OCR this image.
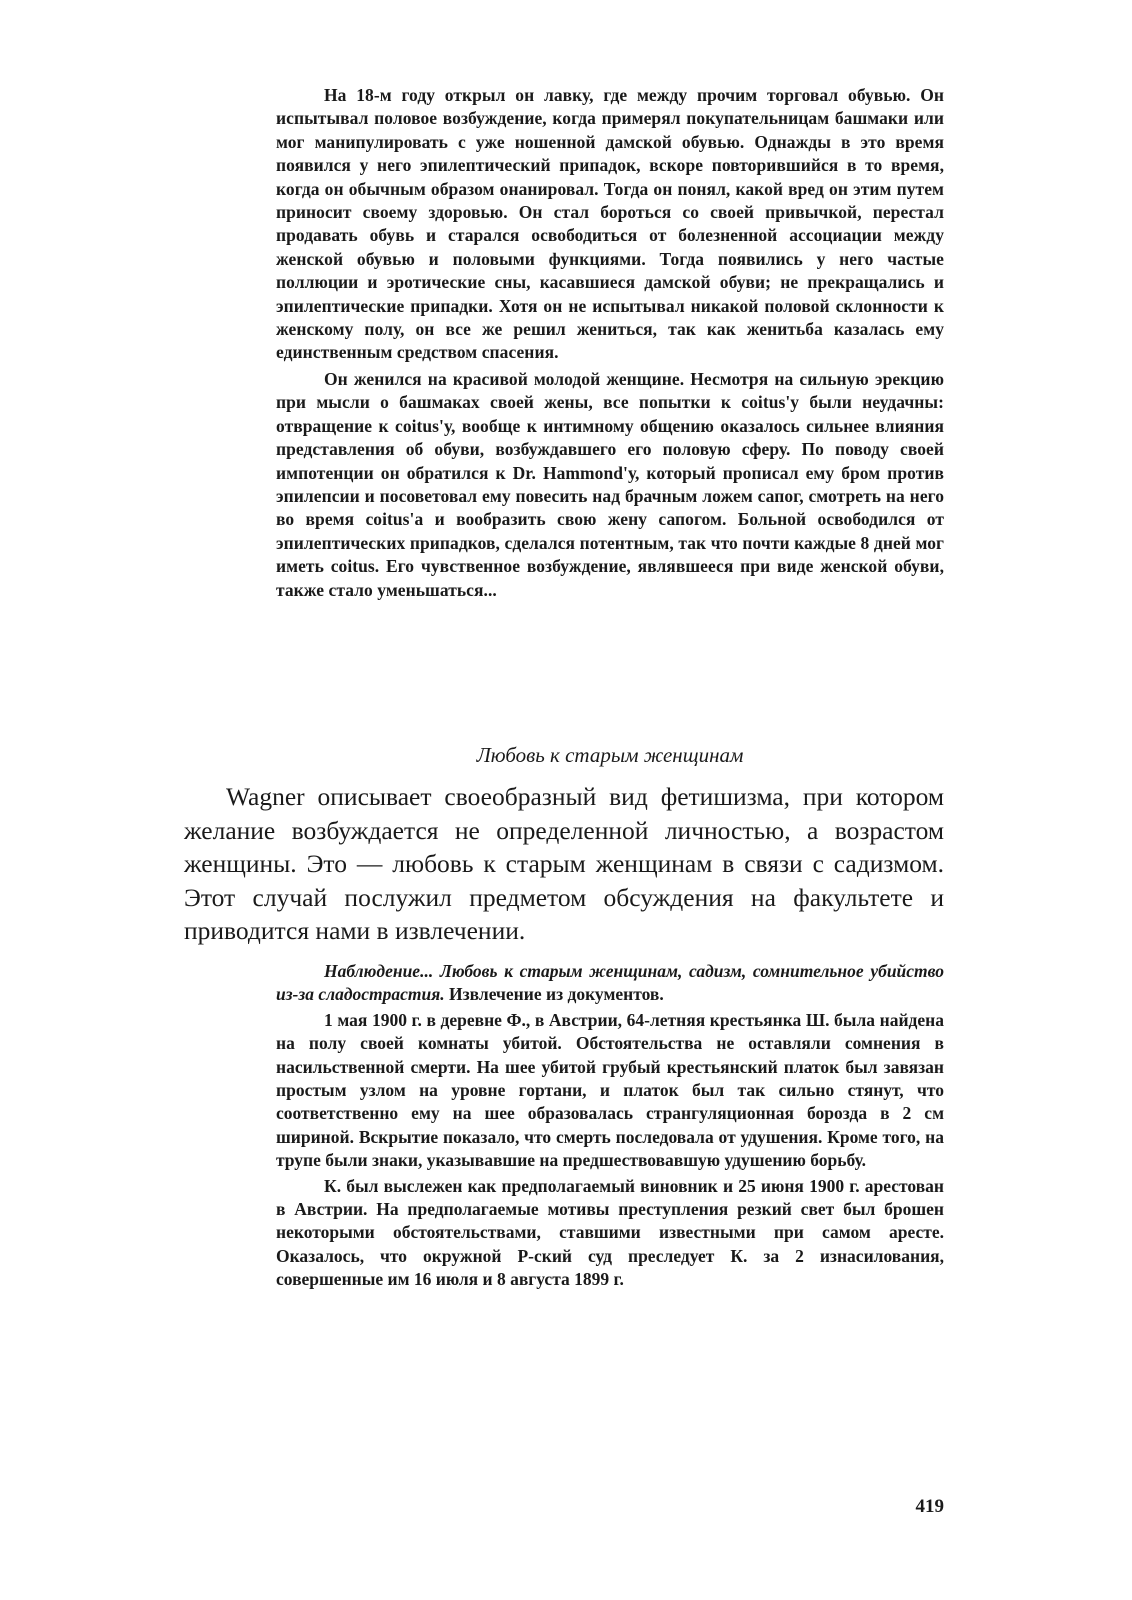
На 18-м году открыл он лавку, где между прочим торговал обувью. Он испытывал половое возбуждение, когда примерял покупательницам башмаки или мог манипулировать с уже ношенной дамской обувью. Однажды в это время появился у него эпилептический припадок, вскоре повторившийся в то время, когда он обычным образом онанировал. Тогда он понял, какой вред он этим путем приносит своему здоровью. Он стал бороться со своей привычкой, перестал продавать обувь и старался освободиться от болезненной ассоциации между женской обувью и половыми функциями. Тогда появились у него частые поллюции и эротические сны, касавшиеся дамской обуви; не прекращались и эпилептические припадки. Хотя он не испытывал никакой половой склонности к женскому полу, он все же решил жениться, так как женитьба казалась ему единственным средством спасения.

Он женился на красивой молодой женщине. Несмотря на сильную эрекцию при мысли о башмаках своей жены, все попытки к coitus'у были неудачны: отвращение к coitus'у, вообще к интимному общению оказалось сильнее влияния представления об обуви, возбуждавшего его половую сферу. По поводу своей импотенции он обратился к Dr. Hammond'у, который прописал ему бром против эпилепсии и посоветовал ему повесить над брачным ложем сапог, смотреть на него во время coitus'а и вообразить свою жену сапогом. Больной освободился от эпилептических припадков, сделался потентным, так что почти каждые 8 дней мог иметь coitus. Его чувственное возбуждение, являвшееся при виде женской обуви, также стало уменьшаться...

Любовь к старым женщинам

Wagner описывает своеобразный вид фетишизма, при котором желание возбуждается не определенной личностью, а возрастом женщины. Это — любовь к старым женщинам в связи с садизмом. Этот случай послужил предметом обсуждения на факультете и приводится нами в извлечении.

Наблюдение... Любовь к старым женщинам, садизм, сомнительное убийство из-за сладострастия. Извлечение из документов.

1 мая 1900 г. в деревне Ф., в Австрии, 64-летняя крестьянка Ш. была найдена на полу своей комнаты убитой. Обстоятельства не оставляли сомнения в насильственной смерти. На шее убитой грубый крестьянский платок был завязан простым узлом на уровне гортани, и платок был так сильно стянут, что соответственно ему на шее образовалась странгуляционная борозда в 2 см шириной. Вскрытие показало, что смерть последовала от удушения. Кроме того, на трупе были знаки, указывавшие на предшествовавшую удушению борьбу.

К. был выслежен как предполагаемый виновник и 25 июня 1900 г. арестован в Австрии. На предполагаемые мотивы преступления резкий свет был брошен некоторыми обстоятельствами, ставшими известными при самом аресте. Оказалось, что окружной Р-ский суд преследует К. за 2 изнасилования, совершенные им 16 июля и 8 августа 1899 г.

419
